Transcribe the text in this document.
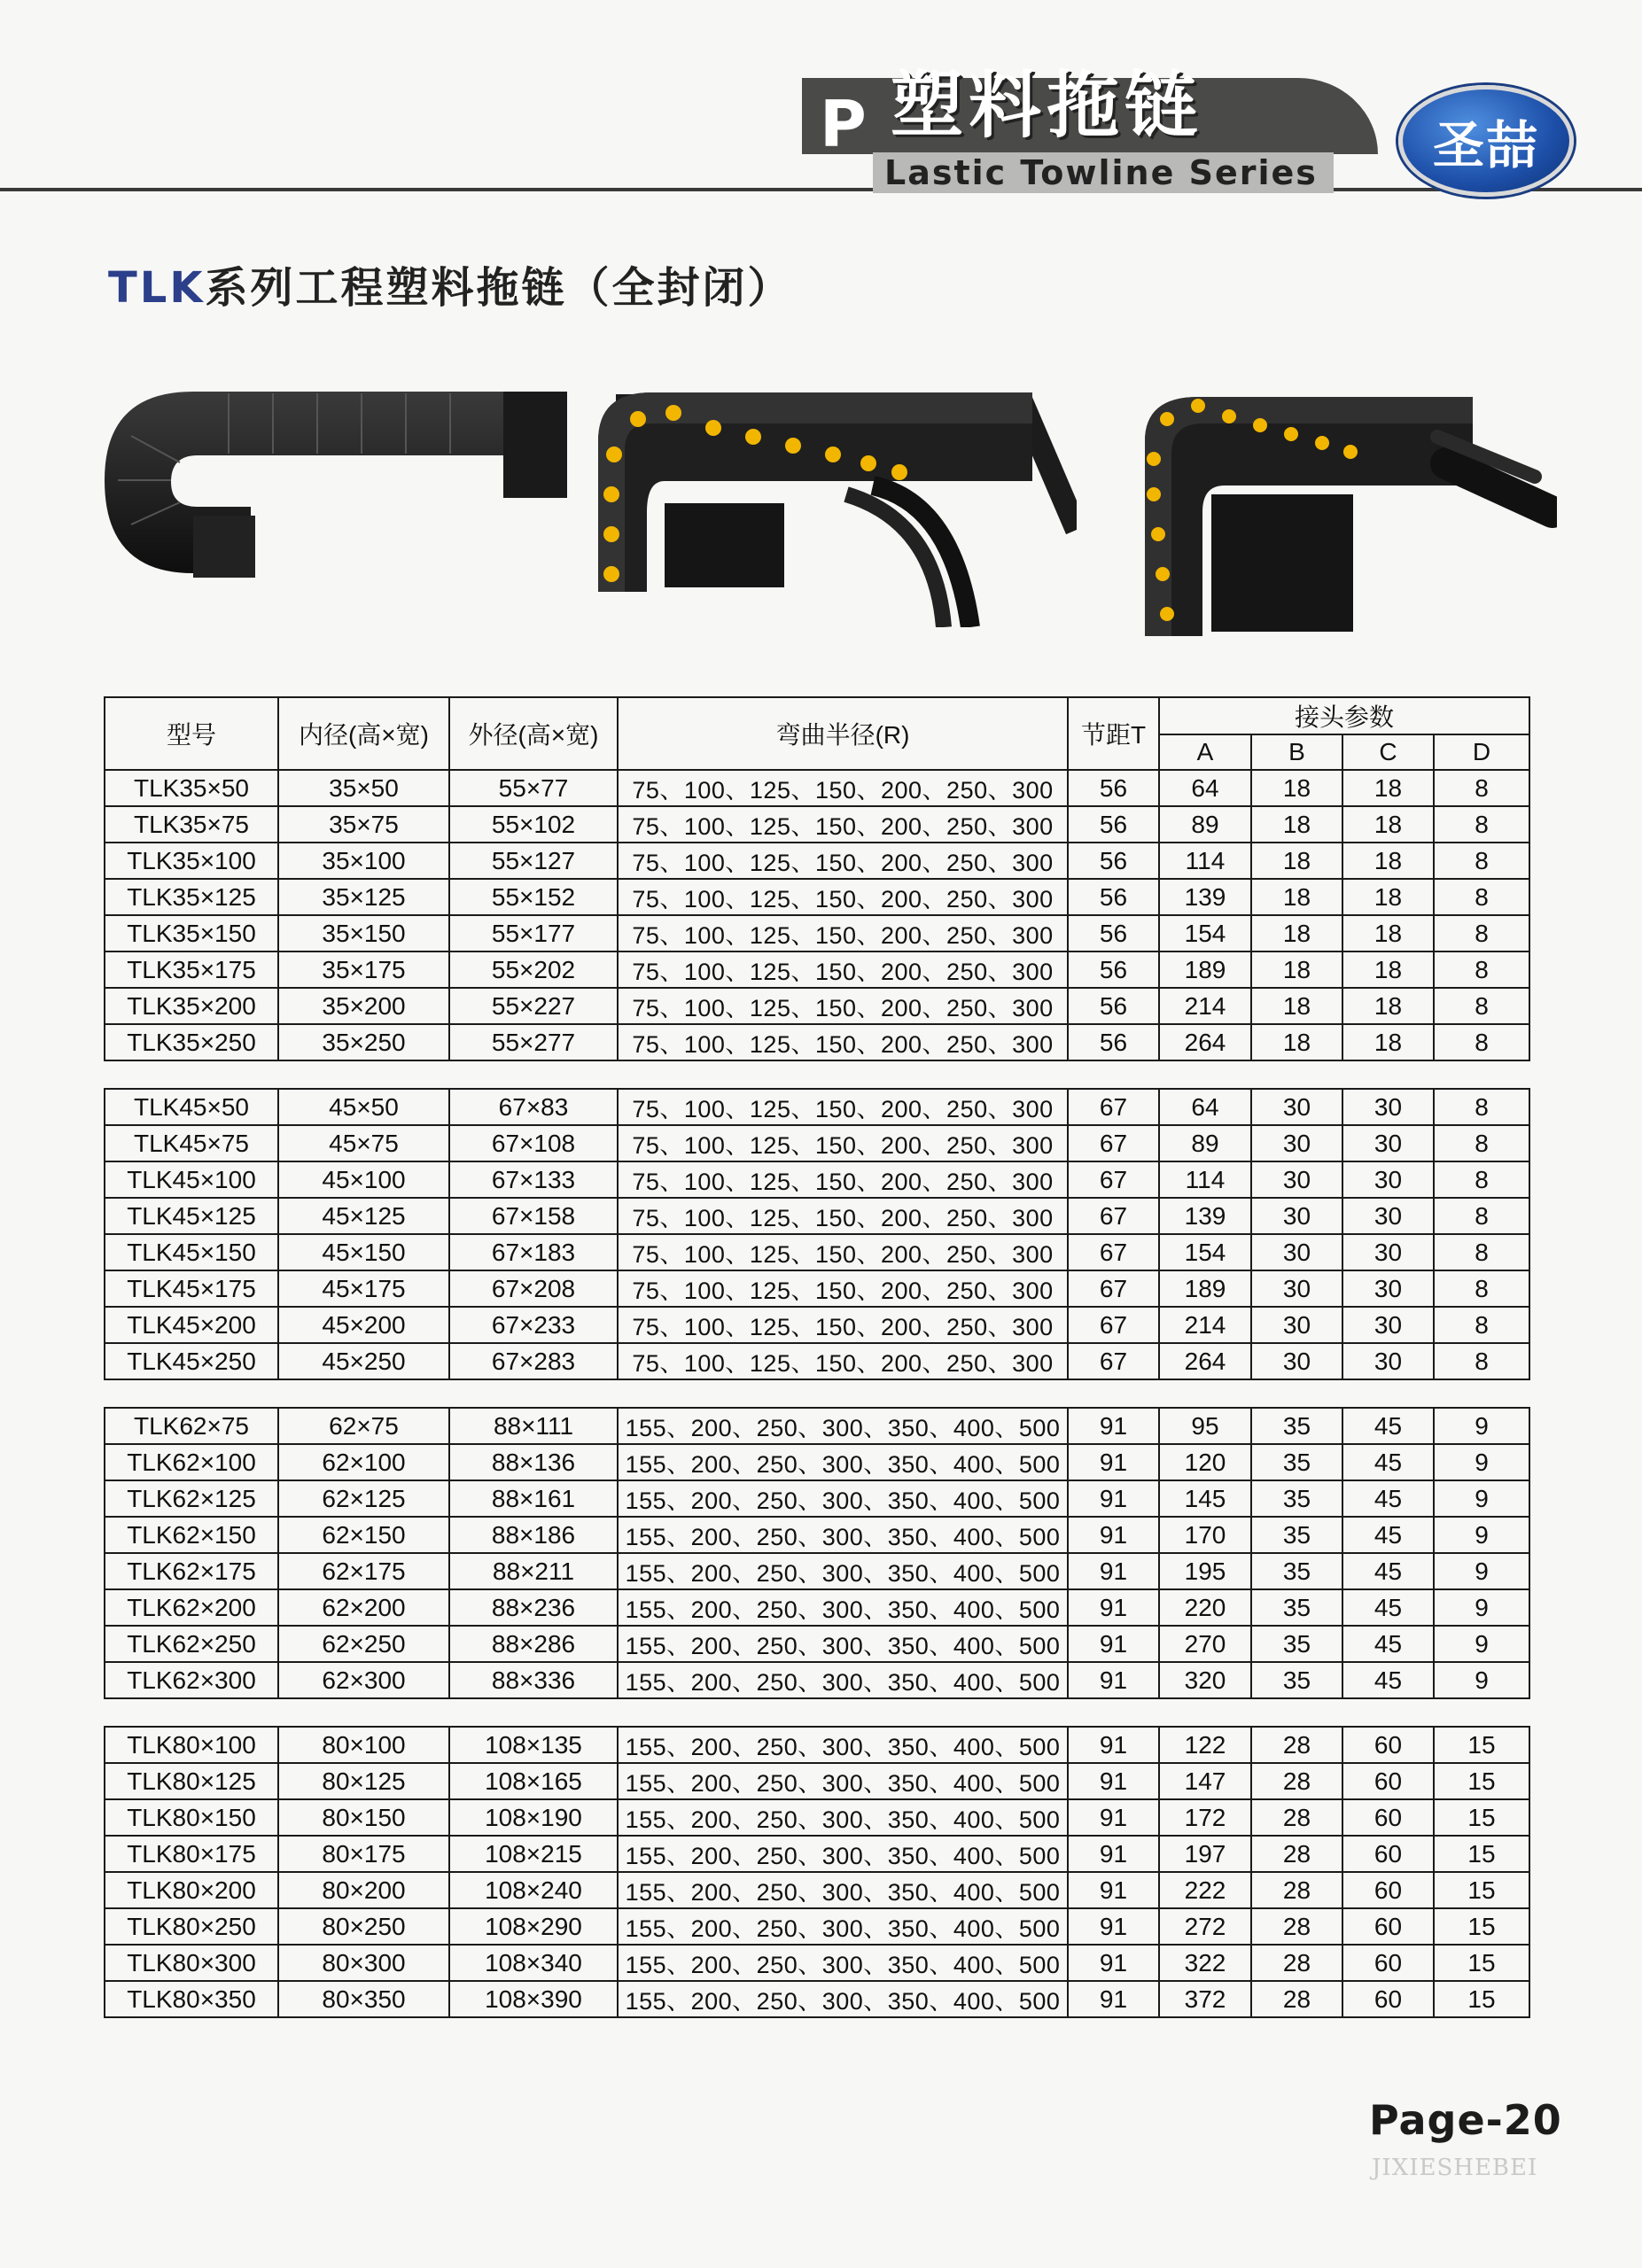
P 塑料拖链
Lastic Towline Series	圣喆
TLK系列工程塑料拖链（全封闭）
型号	内径(高×宽)	外径(高×宽)	弯曲半径(R)	节距T	接头参数			
					A	B	C	D
TLK35×50	35×50	55×77	75、100、125、150、200、250、300	56	64	18	18	8
TLK35×75	35×75	55×102	75、100、125、150、200、250、300	56	89	18	18	8
TLK35×100	35×100	55×127	75、100、125、150、200、250、300	56	114	18	18	8
TLK35×125	35×125	55×152	75、100、125、150、200、250、300	56	139	18	18	8
TLK35×150	35×150	55×177	75、100、125、150、200、250、300	56	154	18	18	8
TLK35×175	35×175	55×202	75、100、125、150、200、250、300	56	189	18	18	8
TLK35×200	35×200	55×227	75、100、125、150、200、250、300	56	214	18	18	8
TLK35×250	35×250	55×277	75、100、125、150、200、250、300	56	264	18	18	8

TLK45×50	45×50	67×83	75、100、125、150、200、250、300	67	64	30	30	8
TLK45×75	45×75	67×108	75、100、125、150、200、250、300	67	89	30	30	8
TLK45×100	45×100	67×133	75、100、125、150、200、250、300	67	114	30	30	8
TLK45×125	45×125	67×158	75、100、125、150、200、250、300	67	139	30	30	8
TLK45×150	45×150	67×183	75、100、125、150、200、250、300	67	154	30	30	8
TLK45×175	45×175	67×208	75、100、125、150、200、250、300	67	189	30	30	8
TLK45×200	45×200	67×233	75、100、125、150、200、250、300	67	214	30	30	8
TLK45×250	45×250	67×283	75、100、125、150、200、250、300	67	264	30	30	8

TLK62×75	62×75	88×111	155、200、250、300、350、400、500	91	95	35	45	9
TLK62×100	62×100	88×136	155、200、250、300、350、400、500	91	120	35	45	9
TLK62×125	62×125	88×161	155、200、250、300、350、400、500	91	145	35	45	9
TLK62×150	62×150	88×186	155、200、250、300、350、400、500	91	170	35	45	9
TLK62×175	62×175	88×211	155、200、250、300、350、400、500	91	195	35	45	9
TLK62×200	62×200	88×236	155、200、250、300、350、400、500	91	220	35	45	9
TLK62×250	62×250	88×286	155、200、250、300、350、400、500	91	270	35	45	9
TLK62×300	62×300	88×336	155、200、250、300、350、400、500	91	320	35	45	9

TLK80×100	80×100	108×135	155、200、250、300、350、400、500	91	122	28	60	15
TLK80×125	80×125	108×165	155、200、250、300、350、400、500	91	147	28	60	15
TLK80×150	80×150	108×190	155、200、250、300、350、400、500	91	172	28	60	15
TLK80×175	80×175	108×215	155、200、250、300、350、400、500	91	197	28	60	15
TLK80×200	80×200	108×240	155、200、250、300、350、400、500	91	222	28	60	15
TLK80×250	80×250	108×290	155、200、250、300、350、400、500	91	272	28	60	15
TLK80×300	80×300	108×340	155、200、250、300、350、400、500	91	322	28	60	15
TLK80×350	80×350	108×390	155、200、250、300、350、400、500	91	372	28	60	15
Page-20
JIXIESHEBEI
